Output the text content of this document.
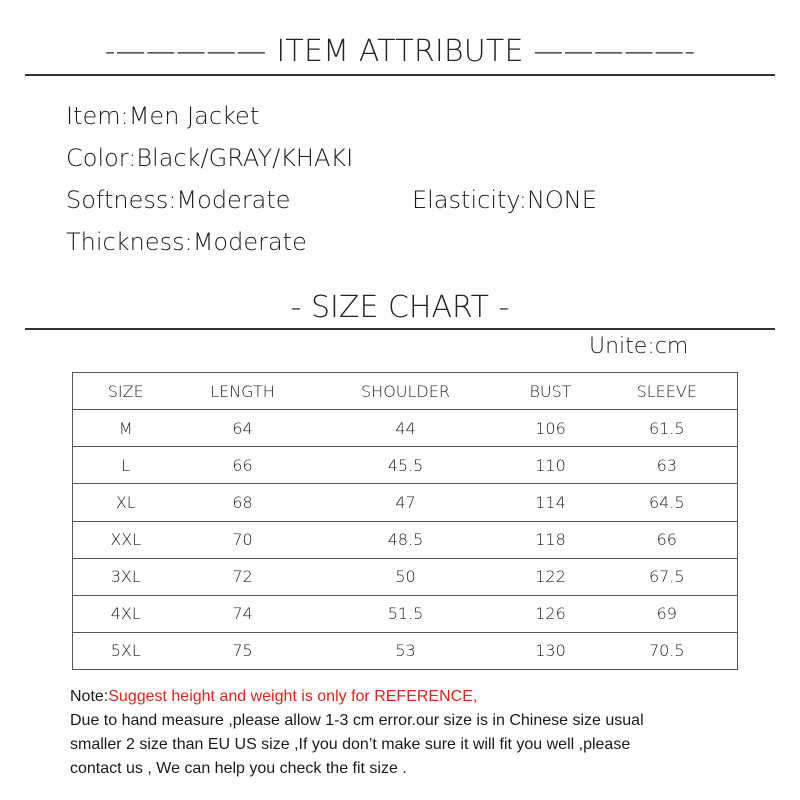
-————— ITEM ATTRIBUTE —————-
Item:Men Jacket
Color:Black/GRAY/KHAKI
Softness:Moderate	Elasticity:NONE
Thickness:Moderate
- SIZE CHART -
Unite:cm
SIZE	LENGTH	SHOULDER	BUST	SLEEVE
M	64	44	106	61.5
L	66	45.5	110	63
XL	68	47	114	64.5
XXL	70	48.5	118	66
3XL	72	50	122	67.5
4XL	74	51.5	126	69
5XL	75	53	130	70.5
Note:Suggest height and weight is only for REFERENCE,
Due to hand measure ,please allow 1-3 cm error.our size is in Chinese size usual
smaller 2 size than EU US size ,If you don’t make sure it will fit you well ,please
contact us , We can help you check the fit size .
